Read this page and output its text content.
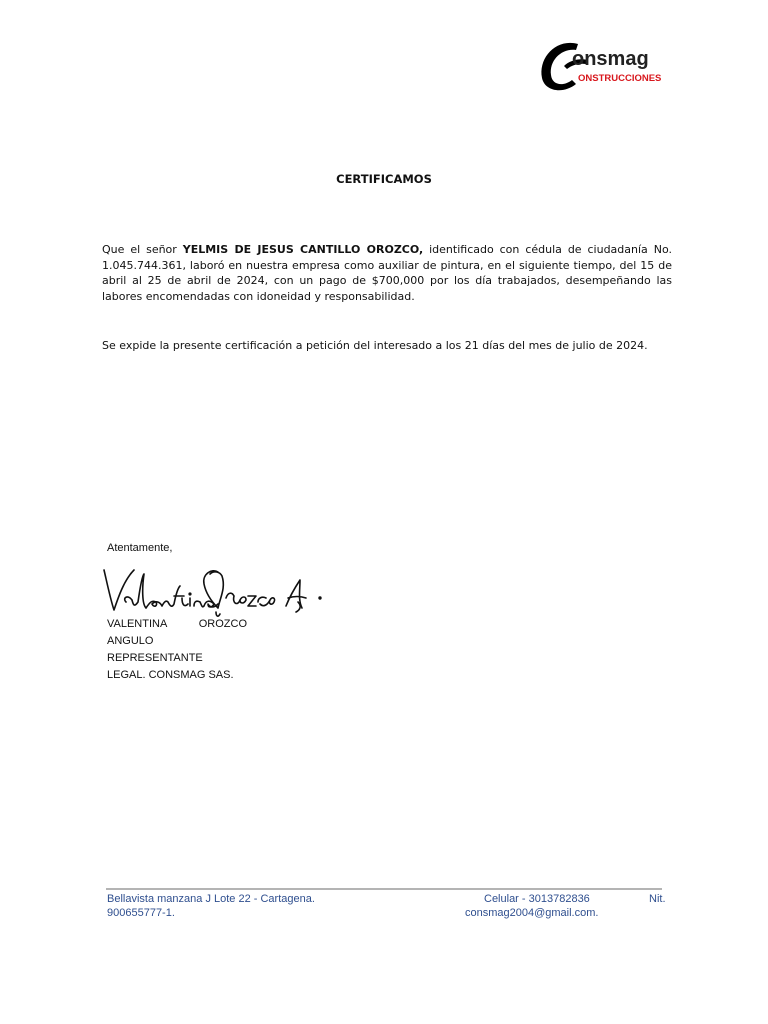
onsmag
ONSTRUCCIONES
CERTIFICAMOS
Que el señor YELMIS DE JESUS CANTILLO OROZCO, identificado con cédula de ciudadanía No. 1.045.744.361, laboró en nuestra empresa como auxiliar de pintura, en el siguiente tiempo, del 15 de abril al 25 de abril de 2024, con un pago de $700,000 por los día trabajados, desempeñando las labores encomendadas con idoneidad y responsabilidad.
Se expide la presente certificación a petición del interesado a los 21 días del mes de julio de 2024.
Atentamente,
VALENTINA	OROZCO
ANGULO
REPRESENTANTE
LEGAL. CONSMAG SAS.
Bellavista manzana J Lote 22 - Cartagena.	Celular - 3013782836	Nit.
900655777-1.	consmag2004@gmail.com.
